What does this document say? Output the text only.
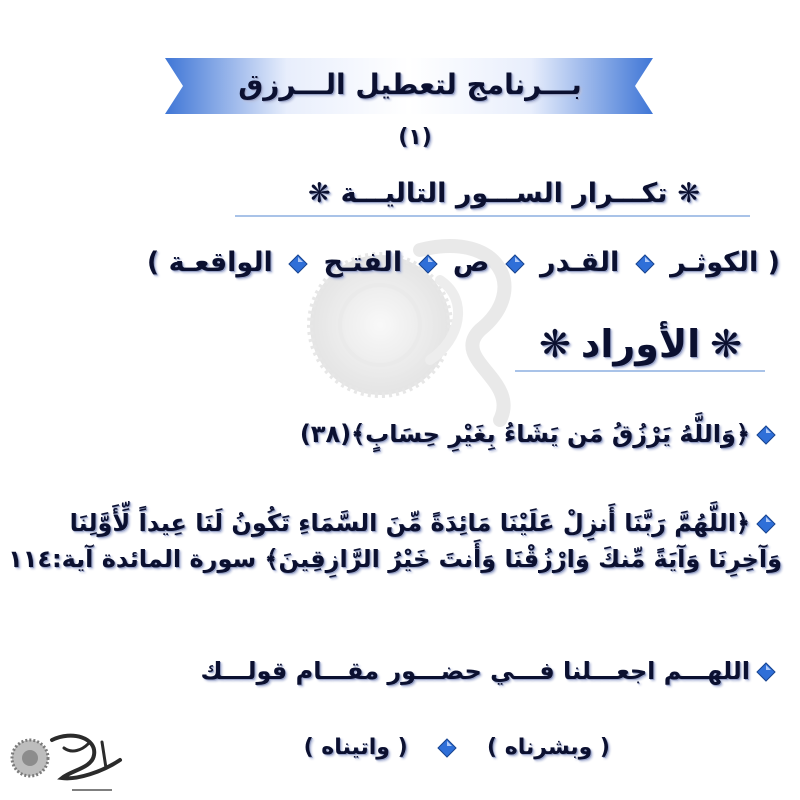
بـــرنامج لتعطيل الـــرزق
(١)
❋تكـــرار الســـور التاليـــة❋
( الكوثـر  القـدر  ص  الفتـح  الواقعـة )
❋الأوراد❋
﴿وَاللَّهُ يَرْزُقُ مَن يَشَاءُ بِغَيْرِ حِسَابٍ﴾(٣٨)
﴿اللَّهُمَّ رَبَّنَا أَنزِلْ عَلَيْنَا مَائِدَةً مِّنَ السَّمَاءِ تَكُونُ لَنَا عِيداً لِّأَوَّلِنَا وَآخِرِنَا وَآيَةً مِّنكَ وَارْزُقْنَا وَأَنتَ خَيْرُ الرَّازِقِينَ﴾ سورة المائدة آية:١١٤
اللهـــم اجعـــلنا فـــي حضـــور مقـــام قولـــك
( وبشرناه )  ( واتيناه )
